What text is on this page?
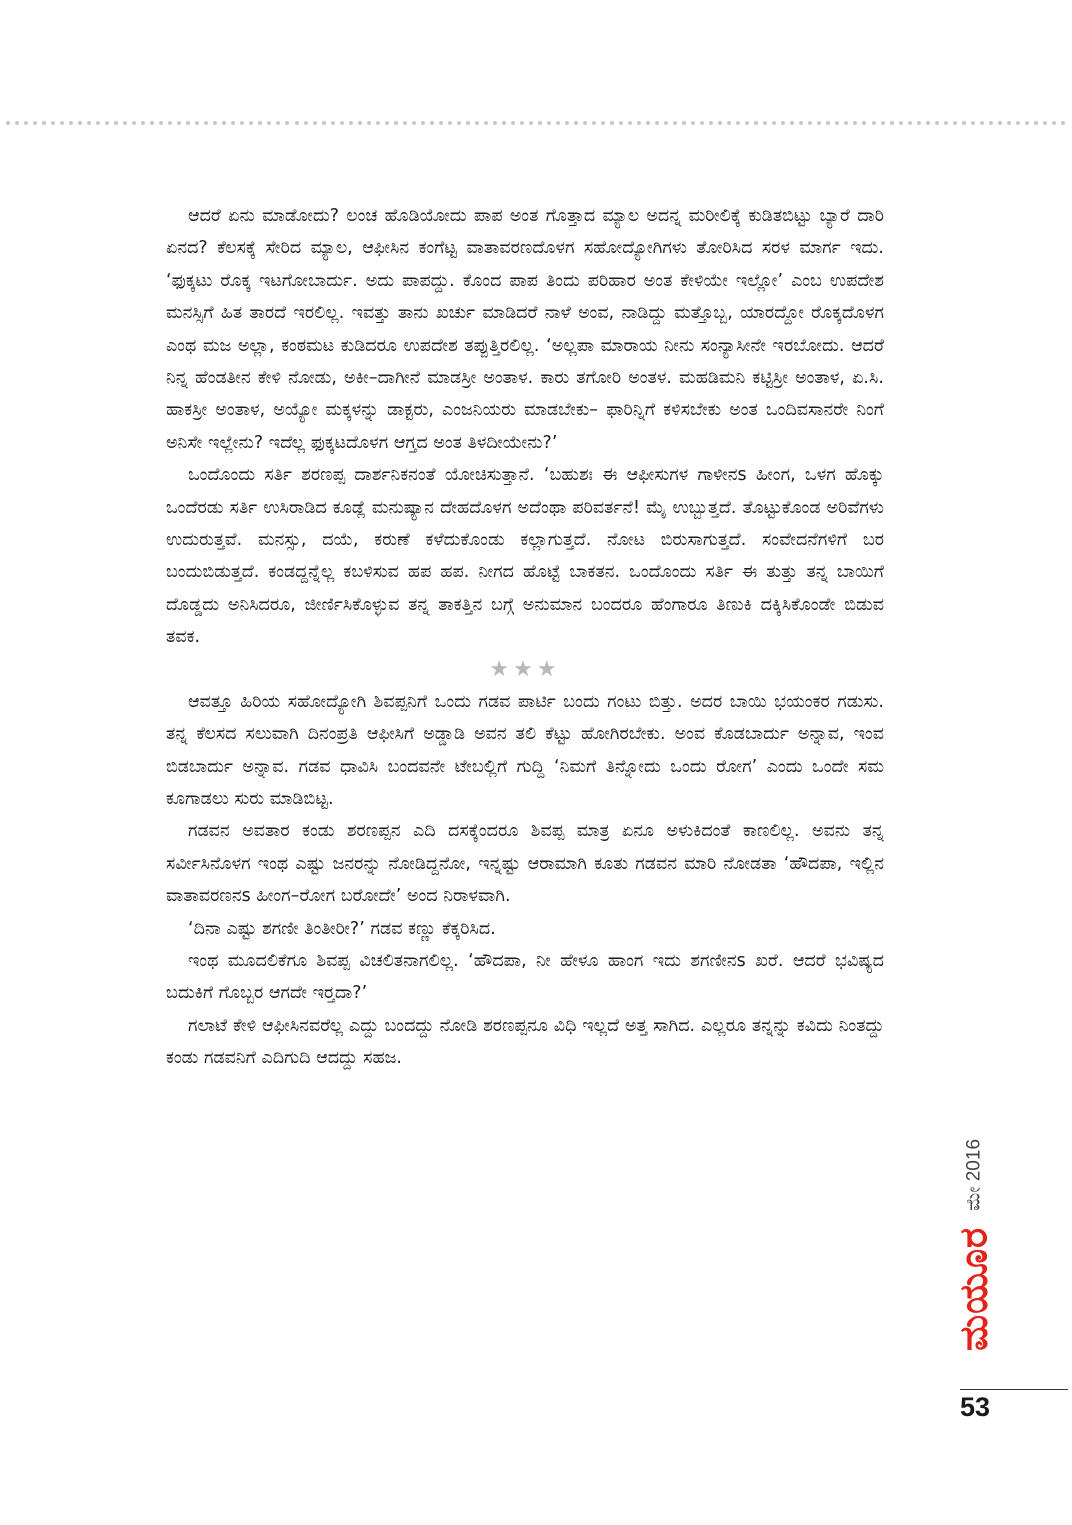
ಆದರೆ ಏನು ಮಾಡೋದು? ಲಂಚ ಹೊಡಿಯೋದು ಪಾಪ ಅಂತ ಗೊತ್ತಾದ ಮ್ಯಾಲ ಅದನ್ನ ಮರೀಲಿಕ್ಕೆ ಕುಡಿತಬಿಟ್ಟು ಬ್ಯಾರೆ ದಾರಿ ಏನದ? ಕೆಲಸಕ್ಕೆ ಸೇರಿದ ಮ್ಯಾಲ, ಆಫೀಸಿನ ಕಂಗೆಟ್ಟ ವಾತಾವರಣದೊಳಗ ಸಹೋದ್ಯೋಗಿಗಳು ತೋರಿಸಿದ ಸರಳ ಮಾರ್ಗ ಇದು. ‘ಫುಕ್ಕಟು ರೊಕ್ಕ ಇಟಗೋಬಾರ್ದು. ಅದು ಪಾಪದ್ದು. ಕೊಂದ ಪಾಪ ತಿಂದು ಪರಿಹಾರ ಅಂತ ಕೇಳಿಯೇ ಇಲ್ಲೋ’ ಎಂಬ ಉಪದೇಶ ಮನಸ್ಸಿಗೆ ಹಿತ ತಾರದೆ ಇರಲಿಲ್ಲ. ಇವತ್ತು ತಾನು ಖರ್ಚು ಮಾಡಿದರೆ ನಾಳೆ ಅಂವ, ನಾಡಿದ್ದು ಮತ್ತೊಬ್ಬ, ಯಾರದ್ದೋ ರೊಕ್ಕದೊಳಗ ಎಂಥ ಮಜ ಅಲ್ಲಾ, ಕಂಠಮಟ ಕುಡಿದರೂ ಉಪದೇಶ ತಪ್ಪುತ್ತಿರಲಿಲ್ಲ. ‘ಅಲ್ಲಪಾ ಮಾರಾಯ ನೀನು ಸಂನ್ಯಾಸೀನೇ ಇರಬೋದು. ಆದರೆ ನಿನ್ನ ಹೆಂಡತೀನ ಕೇಳಿ ನೋಡು, ಅಕೀ–ದಾಗೀನೆ ಮಾಡಸ್ರೀ ಅಂತಾಳ. ಕಾರು ತಗೋರಿ ಅಂತಳ. ಮಹಡಿಮನಿ ಕಟ್ಟಿಸ್ರೀ ಅಂತಾಳ, ಏ.ಸಿ. ಹಾಕಸ್ರೀ ಅಂತಾಳ, ಅಯ್ಯೋ ಮಕ್ಕಳನ್ನು ಡಾಕ್ಟರು, ಎಂಜನಿಯರು ಮಾಡಬೇಕು– ಫಾರಿನ್ನಿಗೆ ಕಳಿಸಬೇಕು ಅಂತ ಒಂದಿವಸಾನರೇ ನಿಂಗೆ ಅನಿಸೇ ಇಲ್ಲೇನು? ಇದೆಲ್ಲ ಫುಕ್ಕಟದೊಳಗ ಆಗ್ತದ ಅಂತ ತಿಳದೀಯೇನು?’

ಒಂದೊಂದು ಸರ್ತಿ ಶರಣಪ್ಪ ದಾರ್ಶನಿಕನಂತೆ ಯೋಚಿಸುತ್ತಾನೆ. ‘ಬಹುಶಃ ಈ ಆಫೀಸುಗಳ ಗಾಳೀನs ಹೀಂಗ, ಒಳಗ ಹೊಕ್ಕು ಒಂದೆರಡು ಸರ್ತಿ ಉಸಿರಾಡಿದ ಕೂಡ್ಲೆ ಮನುಷ್ಯಾನ ದೇಹದೊಳಗ ಅದೆಂಥಾ ಪರಿವರ್ತನೆ! ಮೈ ಉಬ್ಬುತ್ತದೆ. ತೊಟ್ಟುಕೊಂಡ ಅರಿವೆಗಳು ಉದುರುತ್ತವೆ. ಮನಸ್ಸು, ದಯೆ, ಕರುಣೆ ಕಳೆದುಕೊಂಡು ಕಲ್ಲಾಗುತ್ತದೆ. ನೋಟ ಬಿರುಸಾಗುತ್ತದೆ. ಸಂವೇದನೆಗಳಿಗೆ ಬರ ಬಂದುಬಿಡುತ್ತದೆ. ಕಂಡದ್ದನ್ನೆಲ್ಲ ಕಬಳಿಸುವ ಹಪ ಹಪ. ನೀಗದ ಹೊಟ್ಟೆ ಬಾಕತನ. ಒಂದೊಂದು ಸರ್ತಿ ಈ ತುತ್ತು ತನ್ನ ಬಾಯಿಗೆ ದೊಡ್ಡದು ಅನಿಸಿದರೂ, ಜೀರ್ಣಿಸಿಕೊಳ್ಳುವ ತನ್ನ ತಾಕತ್ತಿನ ಬಗ್ಗೆ ಅನುಮಾನ ಬಂದರೂ ಹೆಂಗಾರೂ ತಿಣುಕಿ ದಕ್ಕಿಸಿಕೊಂಡೇ ಬಿಡುವ ತವಕ.

★★★

ಆವತ್ತೂ ಹಿರಿಯ ಸಹೋದ್ಯೋಗಿ ಶಿವಪ್ಪನಿಗೆ ಒಂದು ಗಡವ ಪಾರ್ಟಿ ಬಂದು ಗಂಟು ಬಿತ್ತು. ಅದರ ಬಾಯಿ ಭಯಂಕರ ಗಡುಸು. ತನ್ನ ಕೆಲಸದ ಸಲುವಾಗಿ ದಿನಂಪ್ರತಿ ಆಫೀಸಿಗೆ ಅಡ್ಡಾಡಿ ಅವನ ತಲಿ ಕೆಟ್ಟು ಹೋಗಿರಬೇಕು. ಅಂವ ಕೊಡಬಾರ್ದು ಅನ್ನಾವ, ಇಂವ ಬಿಡಬಾರ್ದು ಅನ್ನಾವ. ಗಡವ ಧಾವಿಸಿ ಬಂದವನೇ ಟೇಬಲ್ಲಿಗೆ ಗುದ್ದಿ ‘ನಿಮಗೆ ತಿನ್ನೋದು ಒಂದು ರೋಗ’ ಎಂದು ಒಂದೇ ಸಮ ಕೂಗಾಡಲು ಸುರು ಮಾಡಿಬಿಟ್ಟ.

ಗಡವನ ಅವತಾರ ಕಂಡು ಶರಣಪ್ಪನ ಎದಿ ದಸಕ್ಕೆಂದರೂ ಶಿವಪ್ಪ ಮಾತ್ರ ಏನೂ ಅಳುಕಿದಂತೆ ಕಾಣಲಿಲ್ಲ. ಅವನು ತನ್ನ ಸರ್ವೀಸಿನೊಳಗ ಇಂಥ ಎಷ್ಟು ಜನರನ್ನು ನೋಡಿದ್ದನೋ, ಇನ್ನಷ್ಟು ಆರಾಮಾಗಿ ಕೂತು ಗಡವನ ಮಾರಿ ನೋಡತಾ ‘ಹೌದಪಾ, ಇಲ್ಲಿನ ವಾತಾವರಣನs ಹೀಂಗ–ರೋಗ ಬರೋದೇ’ ಅಂದ ನಿರಾಳವಾಗಿ.

‘ದಿನಾ ಎಷ್ಟು ಶಗಣೀ ತಿಂತೀರೀ?’ ಗಡವ ಕಣ್ಣು ಕೆಕ್ಕರಿಸಿದ.

ಇಂಥ ಮೂದಲಿಕೆಗೂ ಶಿವಪ್ಪ ವಿಚಲಿತನಾಗಲಿಲ್ಲ. ‘ಹೌದಪಾ, ನೀ ಹೇಳೂ ಹಾಂಗ ಇದು ಶಗಣೀನs ಖರೆ. ಆದರೆ ಭವಿಷ್ಯದ ಬದುಕಿಗೆ ಗೊಬ್ಬರ ಆಗದೇ ಇರ್‍ತದಾ?’

ಗಲಾಟೆ ಕೇಳಿ ಆಫೀಸಿನವರೆಲ್ಲ ಎದ್ದು ಬಂದದ್ದು ನೋಡಿ ಶರಣಪ್ಪನೂ ವಿಧಿ ಇಲ್ಲದೆ ಅತ್ತ ಸಾಗಿದ. ಎಲ್ಲರೂ ತನ್ನನ್ನು ಕವಿದು ನಿಂತದ್ದು ಕಂಡು ಗಡವನಿಗೆ ಎದಿಗುದಿ ಆದದ್ದು ಸಹಜ.

ಮಯೂರ
ಮೇ 2016
53
